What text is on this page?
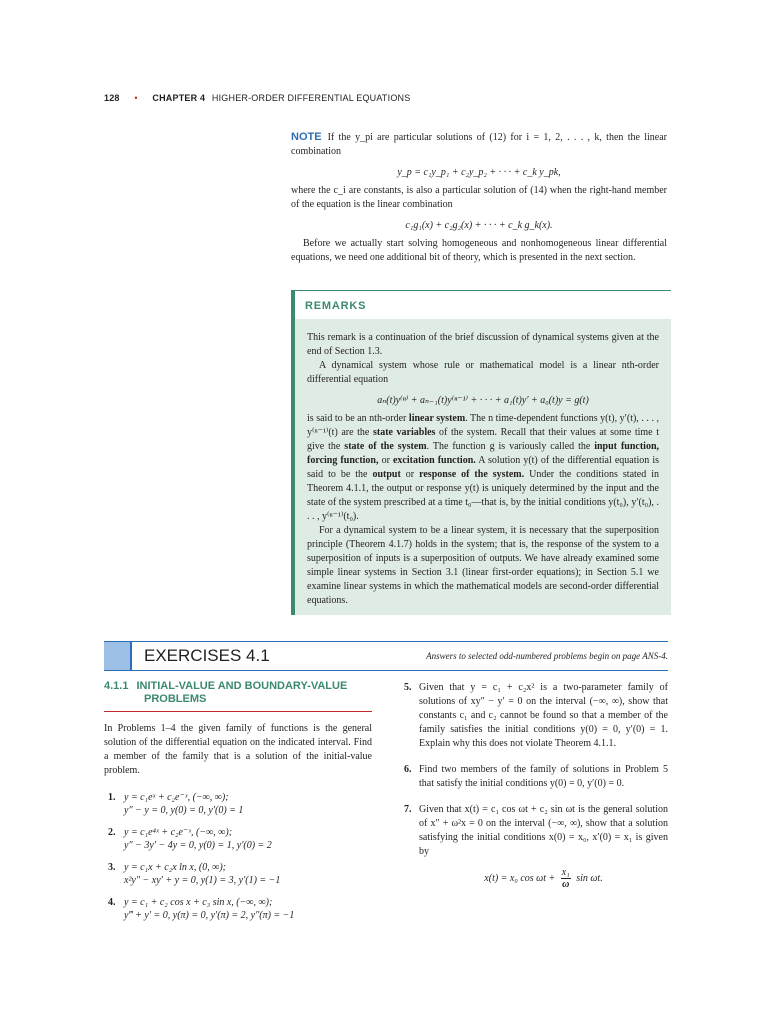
128 • CHAPTER 4 HIGHER-ORDER DIFFERENTIAL EQUATIONS

NOTE If the y_pi are particular solutions of (12) for i = 1, 2, . . . , k, then the linear combination

y_p = c₁y_p₁ + c₂y_p₂ + · · · + c_k y_pk,

where the c_i are constants, is also a particular solution of (14) when the right-hand member of the equation is the linear combination

c₁g₁(x) + c₂g₂(x) + · · · + c_k g_k(x).

Before we actually start solving homogeneous and nonhomogeneous linear differential equations, we need one additional bit of theory, which is presented in the next section.

REMARKS

This remark is a continuation of the brief discussion of dynamical systems given at the end of Section 1.3.

A dynamical system whose rule or mathematical model is a linear nth-order differential equation

aₙ(t)y⁽ⁿ⁾ + aₙ₋₁(t)y⁽ⁿ⁻¹⁾ + · · · + a₁(t)y′ + a₀(t)y = g(t)

is said to be an nth-order linear system. The n time-dependent functions y(t), y′(t), . . . , y⁽ⁿ⁻¹⁾(t) are the state variables of the system. Recall that their values at some time t give the state of the system. The function g is variously called the input function, forcing function, or excitation function. A solution y(t) of the differential equation is said to be the output or response of the system. Under the conditions stated in Theorem 4.1.1, the output or response y(t) is uniquely determined by the input and the state of the system prescribed at a time t₀—that is, by the initial conditions y(t₀), y′(t₀), . . . , y⁽ⁿ⁻¹⁾(t₀).

For a dynamical system to be a linear system, it is necessary that the superposition principle (Theorem 4.1.7) holds in the system; that is, the response of the system to a superposition of inputs is a superposition of outputs. We have already examined some simple linear systems in Section 3.1 (linear first-order equations); in Section 5.1 we examine linear systems in which the mathematical models are second-order differential equations.

EXERCISES 4.1	Answers to selected odd-numbered problems begin on page ANS-4.
4.1.1 INITIAL-VALUE AND BOUNDARY-VALUE
PROBLEMS

In Problems 1–4 the given family of functions is the general solution of the differential equation on the indicated interval. Find a member of the family that is a solution of the initial-value problem.

1. y = c₁eˣ + c₂e⁻ˣ, (−∞, ∞);
y″ − y = 0, y(0) = 0, y′(0) = 1
2. y = c₁e⁴ˣ + c₂e⁻ˣ, (−∞, ∞);
y″ − 3y′ − 4y = 0, y(0) = 1, y′(0) = 2
3. y = c₁x + c₂x ln x, (0, ∞);
x²y″ − xy′ + y = 0, y(1) = 3, y′(1) = −1
4. y = c₁ + c₂ cos x + c₃ sin x, (−∞, ∞);
y‴ + y′ = 0, y(π) = 0, y′(π) = 2, y″(π) = −1
5. Given that y = c₁ + c₂x² is a two-parameter family of solutions of xy″ − y′ = 0 on the interval (−∞, ∞), show that constants c₁ and c₂ cannot be found so that a member of the family satisfies the initial conditions y(0) = 0, y′(0) = 1. Explain why this does not violate Theorem 4.1.1.

6. Find two members of the family of solutions in Problem 5 that satisfy the initial conditions y(0) = 0, y′(0) = 0.

7. Given that x(t) = c₁ cos ωt + c₂ sin ωt is the general solution of x″ + ω²x = 0 on the interval (−∞, ∞), show that a solution satisfying the initial conditions x(0) = x₀, x′(0) = x₁ is given by

x(t) = x₀ $\cos \omega t + \frac{\text{x₁}}{\omega}$ sin ωt.
